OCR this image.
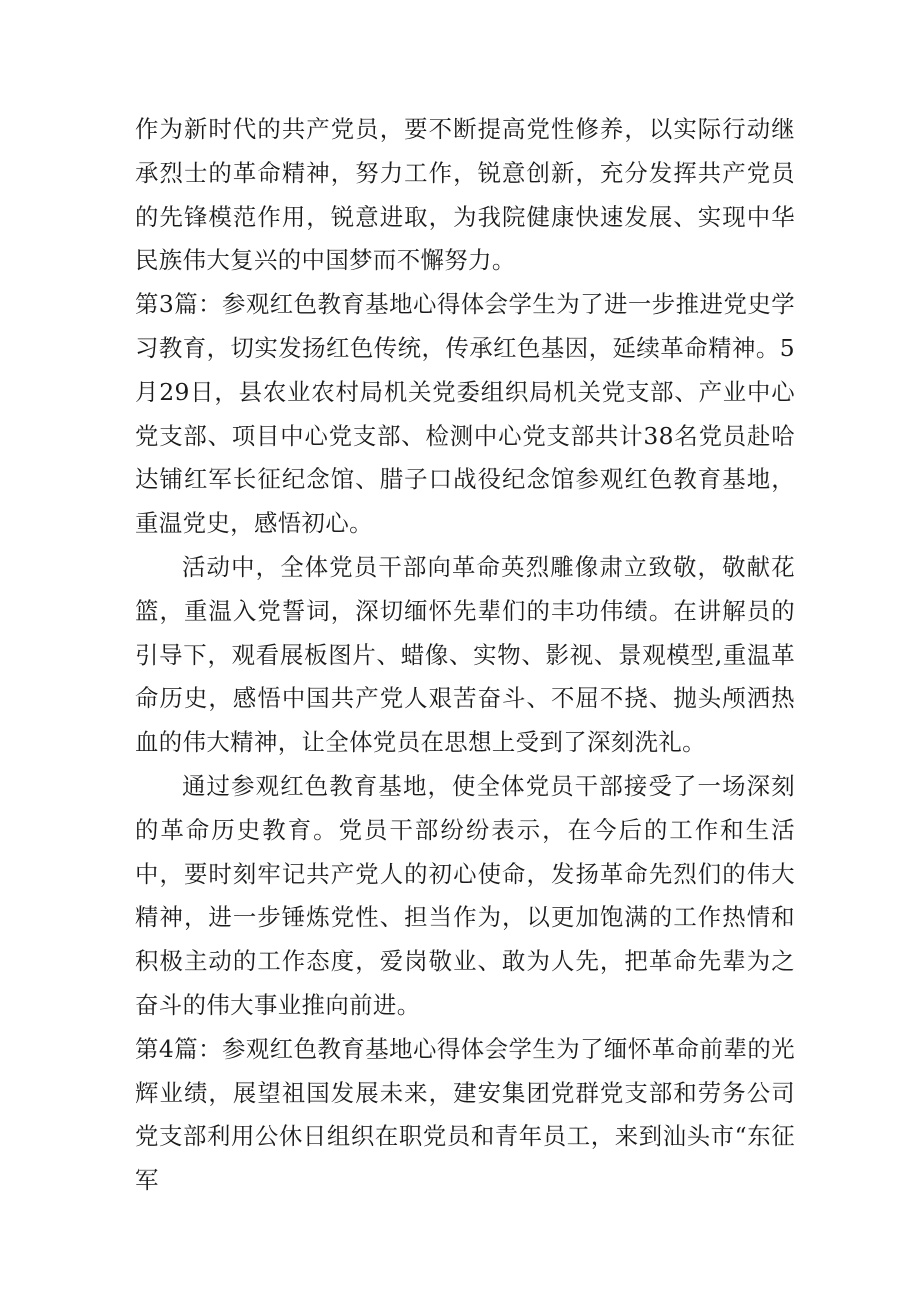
作为新时代的共产党员，要不断提高党性修养，以实际行动继承烈士的革命精神，努力工作，锐意创新，充分发挥共产党员的先锋模范作用，锐意进取，为我院健康快速发展、实现中华民族伟大复兴的中国梦而不懈努力。

第3篇：参观红色教育基地心得体会学生为了进一步推进党史学习教育，切实发扬红色传统，传承红色基因，延续革命精神。5月29日，县农业农村局机关党委组织局机关党支部、产业中心党支部、项目中心党支部、检测中心党支部共计38名党员赴哈达铺红军长征纪念馆、腊子口战役纪念馆参观红色教育基地，重温党史，感悟初心。

活动中，全体党员干部向革命英烈雕像肃立致敬，敬献花篮，重温入党誓词，深切缅怀先辈们的丰功伟绩。在讲解员的引导下，观看展板图片、蜡像、实物、影视、景观模型,重温革命历史，感悟中国共产党人艰苦奋斗、不屈不挠、抛头颅洒热血的伟大精神，让全体党员在思想上受到了深刻洗礼。

通过参观红色教育基地，使全体党员干部接受了一场深刻的革命历史教育。党员干部纷纷表示，在今后的工作和生活中，要时刻牢记共产党人的初心使命，发扬革命先烈们的伟大精神，进一步锤炼党性、担当作为，以更加饱满的工作热情和积极主动的工作态度，爱岗敬业、敢为人先，把革命先辈为之奋斗的伟大事业推向前进。

第4篇：参观红色教育基地心得体会学生为了缅怀革命前辈的光辉业绩，展望祖国发展未来，建安集团党群党支部和劳务公司党支部利用公休日组织在职党员和青年员工，来到汕头市“东征军
